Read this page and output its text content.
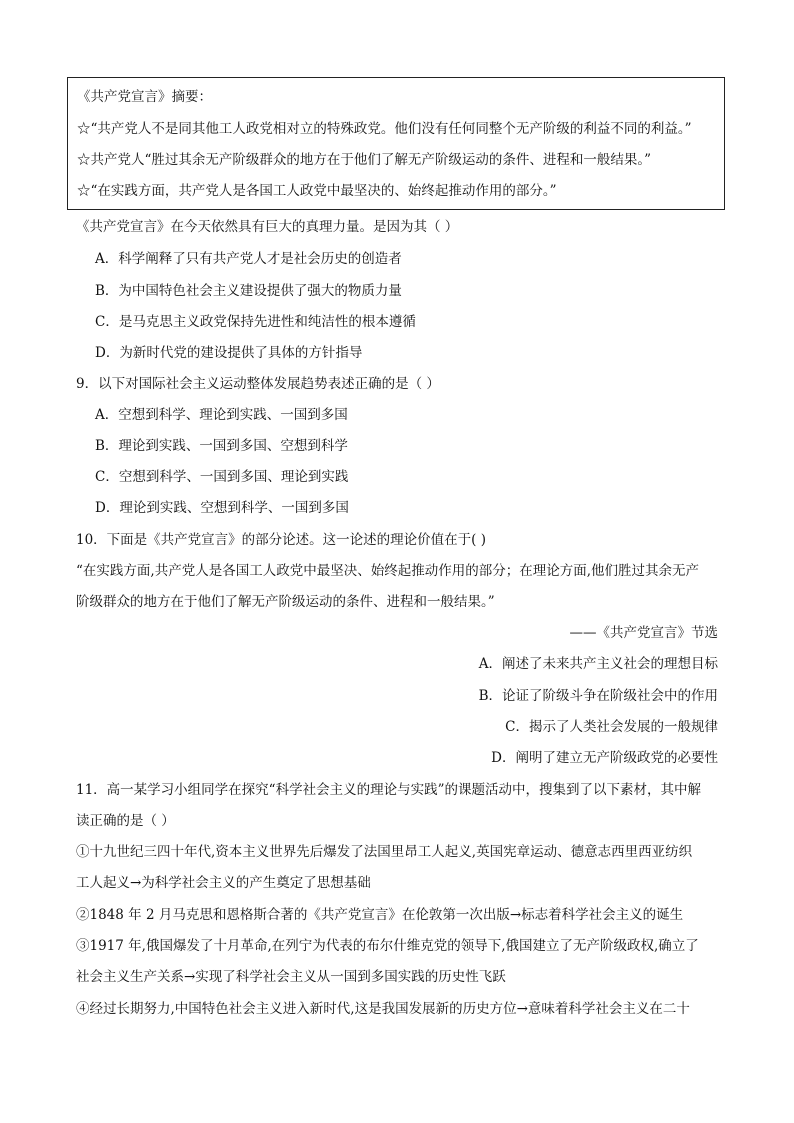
《共产党宣言》摘要：
☆“共产党人不是同其他工人政党相对立的特殊政党。他们没有任何同整个无产阶级的利益不同的利益。”
☆共产党人“胜过其余无产阶级群众的地方在于他们了解无产阶级运动的条件、进程和一般结果。”
☆“在实践方面，共产党人是各国工人政党中最坚决的、始终起推动作用的部分。”
《共产党宣言》在今天依然具有巨大的真理力量。是因为其（ ）
A．科学阐释了只有共产党人才是社会历史的创造者
B．为中国特色社会主义建设提供了强大的物质力量
C．是马克思主义政党保持先进性和纯洁性的根本遵循
D．为新时代党的建设提供了具体的方针指导
9．以下对国际社会主义运动整体发展趋势表述正确的是（ ）
A．空想到科学、理论到实践、一国到多国
B．理论到实践、一国到多国、空想到科学
C．空想到科学、一国到多国、理论到实践
D．理论到实践、空想到科学、一国到多国
10．下面是《共产党宣言》的部分论述。这一论述的理论价值在于( )
“在实践方面,共产党人是各国工人政党中最坚决、始终起推动作用的部分；在理论方面,他们胜过其余无产
阶级群众的地方在于他们了解无产阶级运动的条件、进程和一般结果。”
——《共产党宣言》节选
A．阐述了未来共产主义社会的理想目标
B．论证了阶级斗争在阶级社会中的作用
C．揭示了人类社会发展的一般规律
D．阐明了建立无产阶级政党的必要性
11．高一某学习小组同学在探究“科学社会主义的理论与实践”的课题活动中，搜集到了以下素材，其中解
读正确的是（ ）
①十九世纪三四十年代,资本主义世界先后爆发了法国里昂工人起义,英国宪章运动、德意志西里西亚纺织
工人起义→为科学社会主义的产生奠定了思想基础
②1848 年 2 月马克思和恩格斯合著的《共产党宣言》在伦敦第一次出版→标志着科学社会主义的诞生
③1917 年,俄国爆发了十月革命,在列宁为代表的布尔什维克党的领导下,俄国建立了无产阶级政权,确立了
社会主义生产关系→实现了科学社会主义从一国到多国实践的历史性飞跃
④经过长期努力,中国特色社会主义进入新时代,这是我国发展新的历史方位→意味着科学社会主义在二十
